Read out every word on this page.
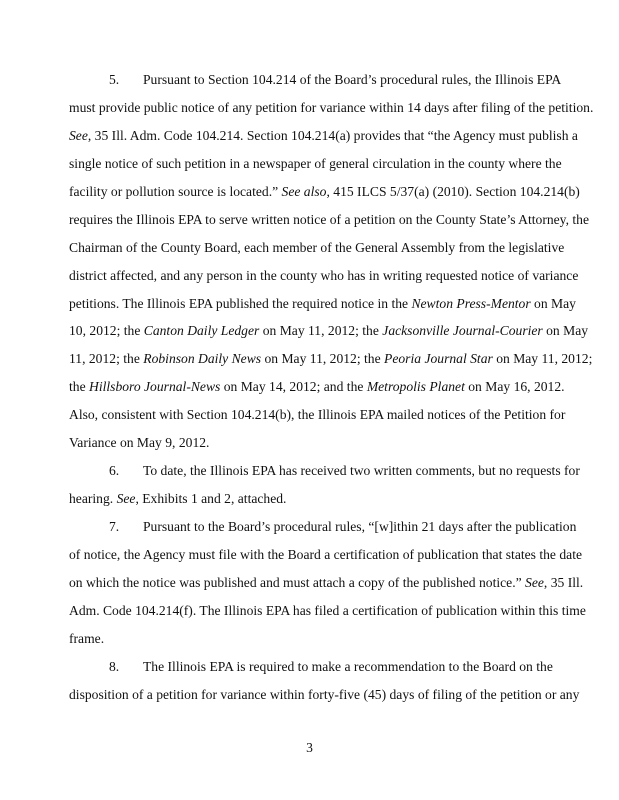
5. Pursuant to Section 104.214 of the Board’s procedural rules, the Illinois EPA
must provide public notice of any petition for variance within 14 days after filing of the petition.
See, 35 Ill. Adm. Code 104.214. Section 104.214(a) provides that “the Agency must publish a
single notice of such petition in a newspaper of general circulation in the county where the
facility or pollution source is located.” See also, 415 ILCS 5/37(a) (2010). Section 104.214(b)
requires the Illinois EPA to serve written notice of a petition on the County State’s Attorney, the
Chairman of the County Board, each member of the General Assembly from the legislative
district affected, and any person in the county who has in writing requested notice of variance
petitions. The Illinois EPA published the required notice in the Newton Press-Mentor on May
10, 2012; the Canton Daily Ledger on May 11, 2012; the Jacksonville Journal-Courier on May
11, 2012; the Robinson Daily News on May 11, 2012; the Peoria Journal Star on May 11, 2012;
the Hillsboro Journal-News on May 14, 2012; and the Metropolis Planet on May 16, 2012.
Also, consistent with Section 104.214(b), the Illinois EPA mailed notices of the Petition for
Variance on May 9, 2012.
6. To date, the Illinois EPA has received two written comments, but no requests for
hearing. See, Exhibits 1 and 2, attached.
7. Pursuant to the Board’s procedural rules, “[w]ithin 21 days after the publication
of notice, the Agency must file with the Board a certification of publication that states the date
on which the notice was published and must attach a copy of the published notice.” See, 35 Ill.
Adm. Code 104.214(f). The Illinois EPA has filed a certification of publication within this time
frame.
8. The Illinois EPA is required to make a recommendation to the Board on the
disposition of a petition for variance within forty-five (45) days of filing of the petition or any
3
